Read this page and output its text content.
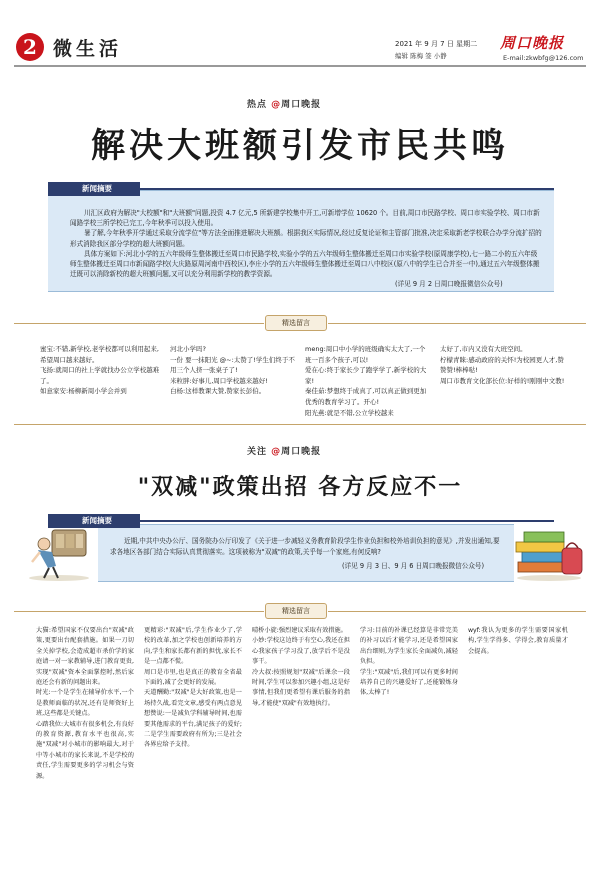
2 微生活	2021 年 9 月 7 日 星期二
编辑 陈梅 签 小静
周口晚报
E-mail:zkwbfg@126.com
热点 @周口晚报
解决大班额引发市民共鸣
新闻摘要

川汇区政府为解决"大校额"和"大班额"问题,投资 4.7 亿元,5 所新建学校集中开工,可新增学位 10620 个。目前,周口市民路学校、周口市实验学校、周口市新闻路学校三所学校已完工,今年秋季可以投入使用。

暑了解,今年秋季开学通过采取分流学位"等方法全面推进解决大班额。根据我区实际情况,经过反复论证和主管部门批准,决定采取新老学校联合办学分流扩招的形式消除我区部分学校的超大班额问题。

具体方案如下:河北小学的五六年级师生整体搬迁至周口市民路学校,实验小学的五六年级师生整体搬迁至周口市实验学校(原周康学校),七一路二小的五六年级师生整体搬迁至周口市新闻路学校(大庆路原周河南中西校区),李庄小学的五六年级师生整体搬迁至周口八中校区(原八中的学生已合并至一中),通过五六年级整体搬迁既可以消除新校的超大班额问题,又可以充分利用新学校的教学资源。

(详见 9 月 2 日周口晚报微信公众号)
精选留言

蜜宝:不错,新学校,老学校都可以利用起来,希望周口越来越好。

飞扬:就周口的社上学就找办公立学校越难了。

如意家安:杨柳新周小学会并到

河北小学吗?

一份 要一抹阳光 @~:太赞了!学生们终于不用三个人挤一张桌子了!

米粒胖:好事儿,周口学校越来越好!

白杨:这样教课大赞,赞家长彭伯。

meng:周口中小学的班级确实太大了,一个班一百多个孩子,可以!

爱在心:终于家长少了跑学学了,新学校的大家!

秦佳茹:梦想终于成真了,可以真正做到更加优秀的教育学习了。开心!

阳光燕:就是不错,公立学校越来

太好了,市内又没有大班空间。

柠檬青睐:感动政府的关怀!为校园更人才,赞赞赞!棒棒哒!

周口市教育文化部长位:好样的!刚刚中文教!

关注 @周口晚报
"双减"政策出招 各方反应不一
新闻摘要

近期,中共中央办公厅、国务院办公厅印发了《关于进一步减轻义务教育阶段学生作业负担和校外培训负担的意见》,并发出通知,要求各地区各部门结合实际认真贯彻落实。这项被称为"双减"的政策,关乎每一个家庭,有何反响?

(详见 9 月 3 日、9 月 6 日周口晚报微信公众号)
精选留言

大猫:希望国家不仅要出台"双减"政策,更要出台配套措施。如果一刀切全关掉学校,会造成超市杀价学的家庭请一对一家教辅导,进门教育更贵,实现"双减"资本全面掌控时,然后家庭还会有新的问题出来。

时光:一个是学生在辅导价水平,一个是教师面临的状况,还有是师资好上班,这些都是关键点。

心踏我位:大城市有很多机会,有良好的教育资源,教育水平也很高,实施"双减"对小城市的影响最大,对于中等小城市的家长来说,不是学校的责任,学生需要更多的学习机会与资源。

更精彩:"双减"后,学生作业少了,学校的改革,加之学校也创新培养的方向,学生和家长都有新的担忧,家长不是一点都不慌。

周口是市里,也是真正的教育全省最下面的,减了会更好的发展。

天道酬勤:"双减"是大好政策,也是一场持久战,看完文章,感受有两点意见想赞说:一是减负学科辅导时间,也需要其他需求的平台,满足孩子的爱好;二是学生需要政府有所为;三是社会各界应给予支持。

晴桥小旋:强烈建议采取有效措施。

小妙:学校这边终于有空心,我还在担心我家孩子学习没了,放学后不是没事干。

冷大叔:按照规划"双减"后课余一段时间,学生可以参加兴趣小组,这是好事情,但我们更希望有课后服务的指导,才能使"双减"有效地执行。

学习:目前的补课已经算是非常完美的补习以后才能学习,还是希望国家出台细则,为学生家长全面减负,减轻负担。

学生:"双减"后,我们可以有更多时间培养自己的兴趣爱好了,还能锻炼身体,太棒了!

wyf:我认为更多的学生需要国家机构,学生学得多、学得会,教育质量才会提高。
